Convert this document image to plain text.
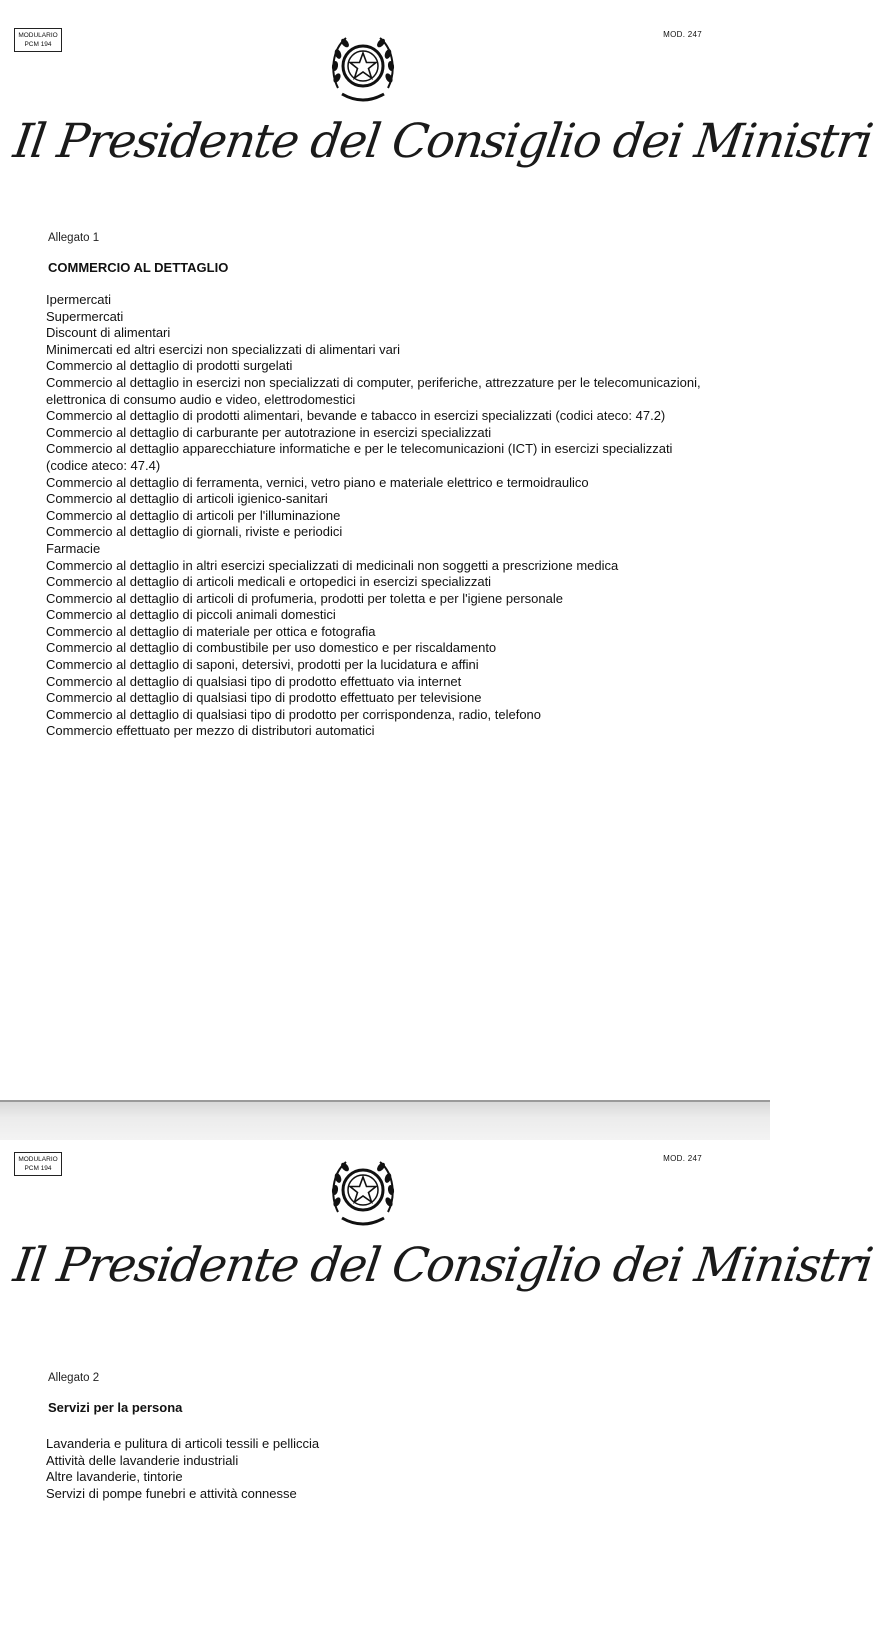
MODULARIO
PCM 194
MOD. 247
Il Presidente del Consiglio dei Ministri
Allegato 1
COMMERCIO AL DETTAGLIO
Ipermercati
Supermercati
Discount di alimentari
Minimercati ed altri esercizi non specializzati di alimentari vari
Commercio al dettaglio di prodotti surgelati
Commercio al dettaglio in esercizi non specializzati di computer, periferiche, attrezzature per le telecomunicazioni, elettronica di consumo audio e video, elettrodomestici
Commercio al dettaglio di prodotti alimentari, bevande e tabacco in esercizi specializzati (codici ateco: 47.2)
Commercio al dettaglio di carburante per autotrazione in esercizi specializzati
Commercio al dettaglio apparecchiature informatiche e per le telecomunicazioni (ICT) in esercizi specializzati (codice ateco: 47.4)
Commercio al dettaglio di ferramenta, vernici, vetro piano e materiale elettrico e termoidraulico
Commercio al dettaglio di articoli igienico-sanitari
Commercio al dettaglio di articoli per l'illuminazione
Commercio al dettaglio di giornali, riviste e periodici
Farmacie
Commercio al dettaglio in altri esercizi specializzati di medicinali non soggetti a prescrizione medica
Commercio al dettaglio di articoli medicali e ortopedici in esercizi specializzati
Commercio al dettaglio di articoli di profumeria, prodotti per toletta e per l'igiene personale
Commercio al dettaglio di piccoli animali domestici
Commercio al dettaglio di materiale per ottica e fotografia
Commercio al dettaglio di combustibile per uso domestico e per riscaldamento
Commercio al dettaglio di saponi, detersivi, prodotti per la lucidatura e affini
Commercio al dettaglio di qualsiasi tipo di prodotto effettuato via internet
Commercio al dettaglio di qualsiasi tipo di prodotto effettuato per televisione
Commercio al dettaglio di qualsiasi tipo di prodotto per corrispondenza, radio, telefono
Commercio effettuato per mezzo di distributori automatici
MODULARIO
PCM 194
MOD. 247
Il Presidente del Consiglio dei Ministri
Allegato 2
Servizi per la persona
Lavanderia e pulitura di articoli tessili e pelliccia
Attività delle lavanderie industriali
Altre lavanderie, tintorie
Servizi di pompe funebri e attività connesse
